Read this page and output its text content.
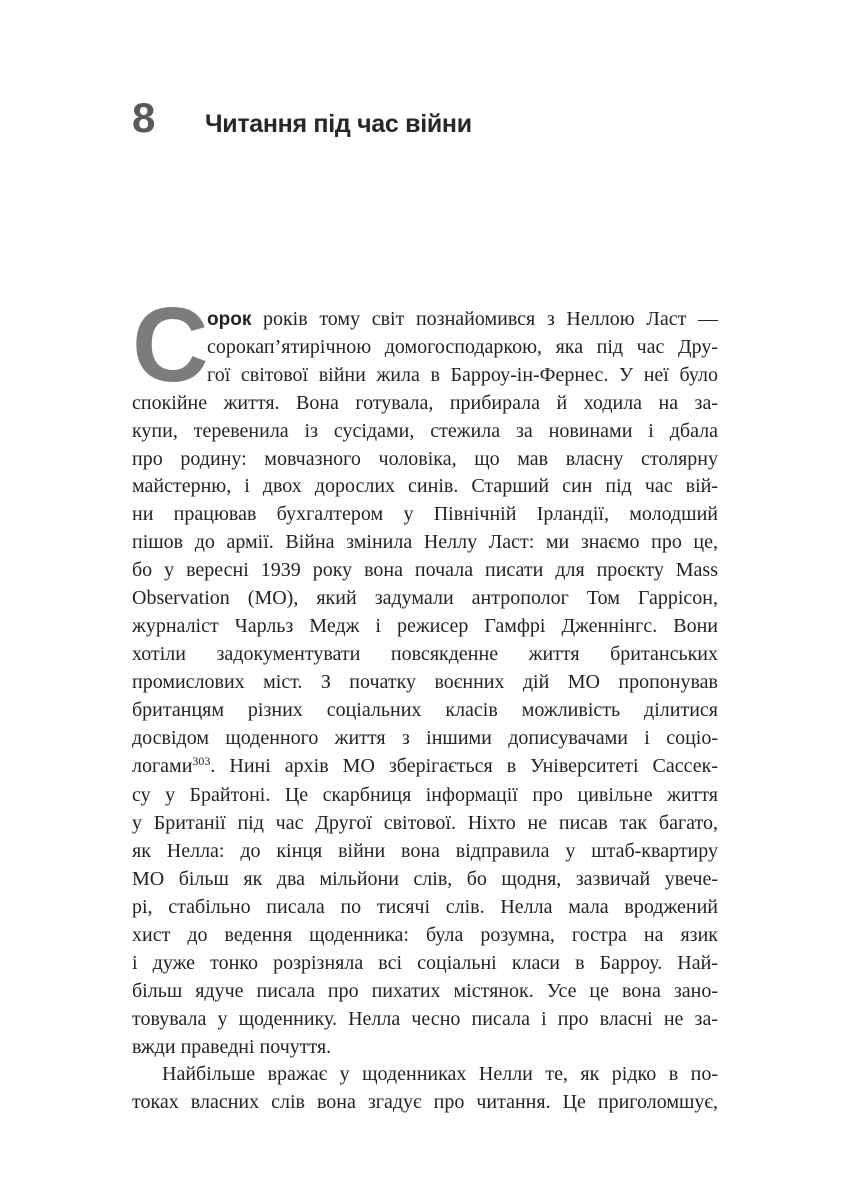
8	Читання під час війни
С
орок років тому світ познайомився з Неллою Ласт —
сорокап’ятирічною домогосподаркою, яка під час Дру-
гої світової війни жила в Барроу-ін-Фернес. У неї було
спокійне життя. Вона готувала, прибирала й ходила на за-
купи, теревенила із сусідами, стежила за новинами і дбала
про родину: мовчазного чоловіка, що мав власну столярну
майстерню, і двох дорослих синів. Старший син під час вій-
ни працював бухгалтером у Північній Ірландії, молодший
пішов до армії. Війна змінила Неллу Ласт: ми знаємо про це,
бо у вересні 1939 року вона почала писати для проєкту Mass
Observation (МО), який задумали антрополог Том Гаррісон,
журналіст Чарльз Медж і режисер Гамфрі Дженнінгс. Вони
хотіли задокументувати повсякденне життя британських
промислових міст. З початку воєнних дій МО пропонував
британцям різних соціальних класів можливість ділитися
досвідом щоденного життя з іншими дописувачами і соціо-
логами$^{303}$. Нині архів МО зберігається в Університеті Сассек-
су у Брайтоні. Це скарбниця інформації про цивільне життя
у Британії під час Другої світової. Ніхто не писав так багато,
як Нелла: до кінця війни вона відправила у штаб-квартиру
МО більш як два мільйони слів, бо щодня, зазвичай увече-
рі, стабільно писала по тисячі слів. Нелла мала вроджений
хист до ведення щоденника: була розумна, гостра на язик
і дуже тонко розрізняла всі соціальні класи в Барроу. Най-
більш ядуче писала про пихатих містянок. Усе це вона зано-
товувала у щоденнику. Нелла чесно писала і про власні не за-
вжди праведні почуття.
Найбільше вражає у щоденниках Нелли те, як рідко в по-
токах власних слів вона згадує про читання. Це приголомшує,
